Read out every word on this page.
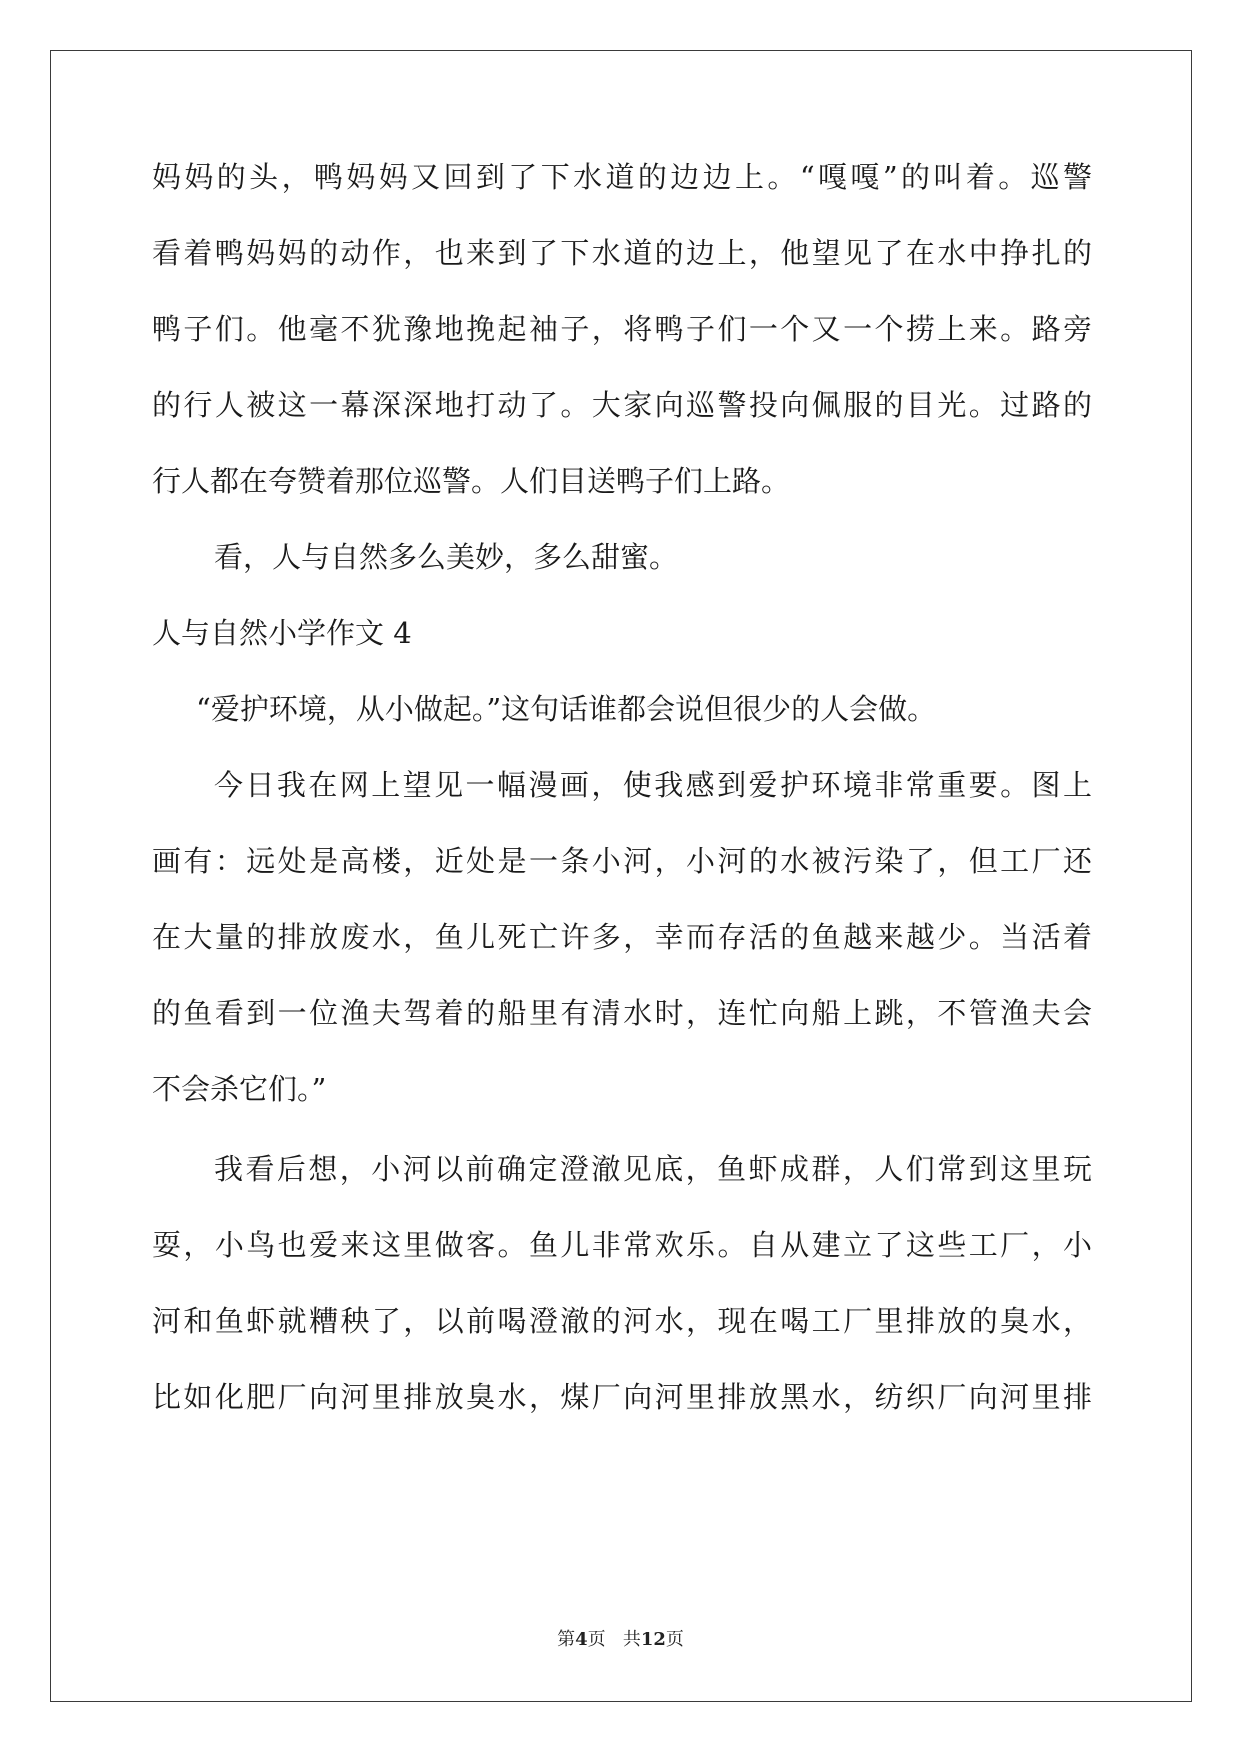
妈妈的头，鸭妈妈又回到了下水道的边边上。“嘎嘎”的叫着。巡警
看着鸭妈妈的动作，也来到了下水道的边上，他望见了在水中挣扎的
鸭子们。他毫不犹豫地挽起袖子，将鸭子们一个又一个捞上来。路旁
的行人被这一幕深深地打动了。大家向巡警投向佩服的目光。过路的
行人都在夸赞着那位巡警。人们目送鸭子们上路。
看，人与自然多么美妙，多么甜蜜。
人与自然小学作文 4
“爱护环境，从小做起。”这句话谁都会说但很少的人会做。
今日我在网上望见一幅漫画，使我感到爱护环境非常重要。图上
画有：远处是高楼，近处是一条小河，小河的水被污染了，但工厂还
在大量的排放废水，鱼儿死亡许多，幸而存活的鱼越来越少。当活着
的鱼看到一位渔夫驾着的船里有清水时，连忙向船上跳，不管渔夫会
不会杀它们。”
我看后想，小河以前确定澄澈见底，鱼虾成群，人们常到这里玩
耍，小鸟也爱来这里做客。鱼儿非常欢乐。自从建立了这些工厂，小
河和鱼虾就糟秧了，以前喝澄澈的河水，现在喝工厂里排放的臭水，
比如化肥厂向河里排放臭水，煤厂向河里排放黑水，纺织厂向河里排
第4页 共12页
